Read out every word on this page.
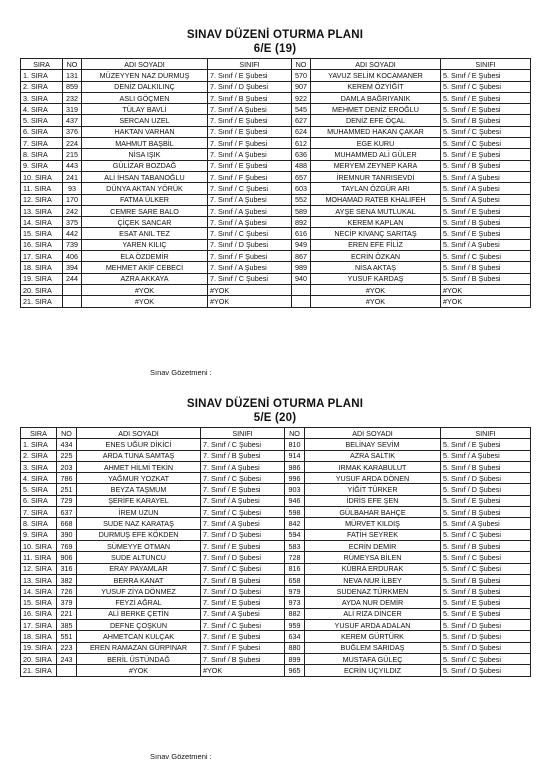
SINAV DÜZENİ OTURMA PLANI
6/E (19)
SIRA	NO	ADI SOYADI	SINIFI	NO	ADI SOYADI	SINIFI
1. SIRA	131	MÜZEYYEN NAZ DURMUŞ	7. Sınıf / E Şubesi	570	YAVUZ SELİM KOCAMANER	5. Sınıf / E Şubesi
2. SIRA	859	DENİZ DALKILINÇ	7. Sınıf / D Şubesi	907	KEREM ÖZYİĞİT	5. Sınıf / C Şubesi
3. SIRA	232	ASLI GÖÇMEN	7. Sınıf / B Şubesi	922	DAMLA BAĞRIYANIK	5. Sınıf / E Şubesi
4. SIRA	319	TÜLAY BAVLİ	7. Sınıf / A Şubesi	545	MEHMET DENİZ EROĞLU	5. Sınıf / E Şubesi
5. SIRA	437	SERCAN UZEL	7. Sınıf / E Şubesi	627	DENİZ EFE ÖÇAL	5. Sınıf / B Şubesi
6. SIRA	376	HAKTAN VARHAN	7. Sınıf / E Şubesi	624	MUHAMMED HAKAN ÇAKAR	5. Sınıf / C Şubesi
7. SIRA	224	MAHMUT BAŞBİL	7. Sınıf / F Şubesi	612	EGE KURU	5. Sınıf / C Şubesi
8. SIRA	215	NİSA IŞIK	7. Sınıf / A Şubesi	636	MUHAMMED ALİ GÜLER	5. Sınıf / E Şubesi
9. SIRA	443	GÜLİZAR BOZDAĞ	7. Sınıf / E Şubesi	488	MERYEM ZEYNEP KARA	5. Sınıf / B Şubesi
10. SIRA	241	ALİ İHSAN TABANOĞLU	7. Sınıf / F Şubesi	657	İREMNUR TANRISEVDİ	5. Sınıf / A Şubesi
11. SIRA	93	DÜNYA AKTAN YÖRÜK	7. Sınıf / C Şubesi	603	TAYLAN ÖZGÜR ARI	5. Sınıf / A Şubesi
12. SIRA	170	FATMA ÜLKER	7. Sınıf / A Şubesi	552	MOHAMAD RATEB KHALIFEH	5. Sınıf / A Şubesi
13. SIRA	242	CEMRE SARE BALO	7. Sınıf / A Şubesi	589	AYŞE SENA MUTLUKAL	5. Sınıf / E Şubesi
14. SIRA	375	ÇİÇEK SANCAR	7. Sınıf / A Şubesi	892	KEREM KAPLAN	5. Sınıf / B Şubesi
15. SIRA	442	ESAT ANIL TEZ	7. Sınıf / C Şubesi	616	NECİP KIVANÇ SARITAŞ	5. Sınıf / E Şubesi
16. SIRA	739	YAREN KILIÇ	7. Sınıf / D Şubesi	949	EREN EFE FİLİZ	5. Sınıf / A Şubesi
17. SIRA	406	ELA ÖZDEMİR	7. Sınıf / F Şubesi	867	ECRİN ÖZKAN	5. Sınıf / C Şubesi
18. SIRA	394	MEHMET AKİF CEBECİ	7. Sınıf / A Şubesi	989	NİSA AKTAŞ	5. Sınıf / B Şubesi
19. SIRA	244	AZRA AKKAYA	7. Sınıf / C Şubesi	940	YUSUF KARDAŞ	5. Sınıf / B Şubesi
20. SIRA		#YOK	#YOK		#YOK	#YOK
21. SIRA		#YOK	#YOK		#YOK	#YOK
Sınav Gözetmeni :
SINAV DÜZENİ OTURMA PLANI
5/E (20)
SIRA	NO	ADI SOYADI	SINIFI	NO	ADI SOYADI	SINIFI
1. SIRA	434	ENES UĞUR DİKİCİ	7. Sınıf / C Şubesi	810	BELİNAY SEVİM	5. Sınıf / E Şubesi
2. SIRA	225	ARDA TUNA SAMTAŞ	7. Sınıf / B Şubesi	914	AZRA SALTIK	5. Sınıf / A Şubesi
3. SIRA	203	AHMET HİLMİ TEKİN	7. Sınıf / A Şubesi	986	IRMAK KARABULUT	5. Sınıf / B Şubesi
4. SIRA	786	YAĞMUR YOZKAT	7. Sınıf / C Şubesi	996	YUSUF ARDA DÖNEN	5. Sınıf / D Şubesi
5. SIRA	251	BEYZA TAŞMUM	7. Sınıf / E Şubesi	903	YİĞİT TÜRKER	5. Sınıf / D Şubesi
6. SIRA	729	ŞERİFE KARAYEL	7. Sınıf / A Şubesi	946	İDRİS EFE ŞEN	5. Sınıf / E Şubesi
7. SIRA	637	İREM UZUN	7. Sınıf / C Şubesi	598	GÜLBAHAR BAHÇE	5. Sınıf / B Şubesi
8. SIRA	668	SUDE NAZ KARATAŞ	7. Sınıf / A Şubesi	842	MÜRVET KILDIŞ	5. Sınıf / A Şubesi
9. SIRA	390	DURMUŞ EFE KÖKDEN	7. Sınıf / D Şubesi	594	FATİH SEYREK	5. Sınıf / C Şubesi
10. SIRA	769	SÜMEYYE OTMAN	7. Sınıf / E Şubesi	583	ECRİN DEMİR	5. Sınıf / B Şubesi
11. SIRA	906	SUDE ALTUNCU	7. Sınıf / D Şubesi	728	RÜMEYSA BİLEN	5. Sınıf / C Şubesi
12. SIRA	316	ERAY PAYAMLAR	7. Sınıf / C Şubesi	816	KÜBRA ERDURAK	5. Sınıf / C Şubesi
13. SIRA	382	BERRA KANAT	7. Sınıf / B Şubesi	658	NEVA NUR İLBEY	5. Sınıf / B Şubesi
14. SIRA	726	YUSUF ZİYA DÖNMEZ	7. Sınıf / D Şubesi	979	SUDENAZ TÜRKMEN	5. Sınıf / B Şubesi
15. SIRA	379	FEYZİ AĞRAL	7. Sınıf / E Şubesi	973	AYDA NUR DEMİR	5. Sınıf / E Şubesi
16. SIRA	221	ALİ BERKE ÇETİN	7. Sınıf / A Şubesi	882	ALİ RIZA DİNCER	5. Sınıf / E Şubesi
17. SIRA	385	DEFNE ÇOŞKUN	7. Sınıf / C Şubesi	959	YUSUF ARDA ADALAN	5. Sınıf / D Şubesi
18. SIRA	551	AHMETCAN KULÇAK	7. Sınıf / E Şubesi	634	KEREM GÜRTÜRK	5. Sınıf / D Şubesi
19. SIRA	223	EREN RAMAZAN GÜRPINAR	7. Sınıf / F Şubesi	880	BUĞLEM SARIDAŞ	5. Sınıf / D Şubesi
20. SIRA	243	BERİL ÜSTÜNDAĞ	7. Sınıf / B Şubesi	899	MUSTAFA GÜLEÇ	5. Sınıf / C Şubesi
21. SIRA		#YOK	#YOK	965	ECRİN UÇYILDIZ	5. Sınıf / D Şubesi
Sınav Gözetmeni :
